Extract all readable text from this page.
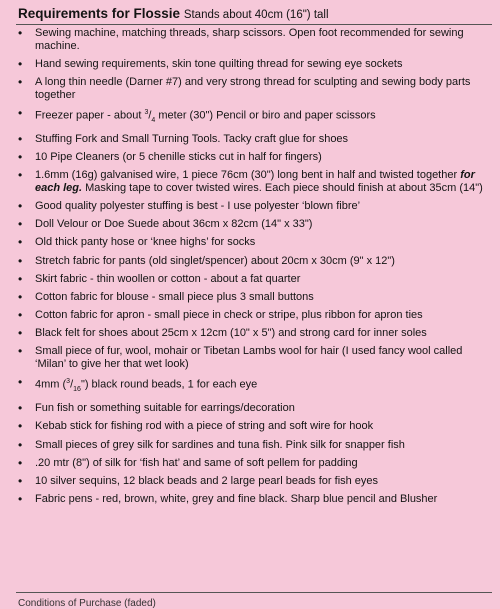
Requirements for Flossie Stands about 40cm (16") tall
• Sewing machine, matching threads, sharp scissors. Open foot recommended for sewing machine.
• Hand sewing requirements, skin tone quilting thread for sewing eye sockets
• A long thin needle (Darner #7) and very strong thread for sculpting and sewing body parts together
• Freezer paper - about $^3/_4$ meter (30") Pencil or biro and paper scissors
• Stuffing Fork and Small Turning Tools. Tacky craft glue for shoes
• 10 Pipe Cleaners (or 5 chenille sticks cut in half for fingers)
• 1.6mm (16g) galvanised wire, 1 piece 76cm (30") long bent in half and twisted together for each leg. Masking tape to cover twisted wires. Each piece should finish at about 35cm (14")
• Good quality polyester stuffing is best - I use polyester ‘blown fibre’
• Doll Velour or Doe Suede about 36cm x 82cm (14" x 33")
• Old thick panty hose or ‘knee highs’ for socks
• Stretch fabric for pants (old singlet/spencer) about 20cm x 30cm (9" x 12")
• Skirt fabric - thin woollen or cotton - about a fat quarter
• Cotton fabric for blouse - small piece plus 3 small buttons
• Cotton fabric for apron - small piece in check or stripe, plus ribbon for apron ties
• Black felt for shoes about 25cm x 12cm (10" x 5") and strong card for inner soles
• Small piece of fur, wool, mohair or Tibetan Lambs wool for hair (I used fancy wool called ‘Milan’ to give her that wet look)
• 4mm $(^3/_{16}")$ black round beads, 1 for each eye
• Fun fish or something suitable for earrings/decoration
• Kebab stick for fishing rod with a piece of string and soft wire for hook
• Small pieces of grey silk for sardines and tuna fish. Pink silk for snapper fish
• .20 mtr (8") of silk for ‘fish hat’ and same of soft pellem for padding
• 10 silver sequins, 12 black beads and 2 large pearl beads for fish eyes
• Fabric pens - red, brown, white, grey and fine black. Sharp blue pencil and Blusher
Conditions of Purchase (faded)
